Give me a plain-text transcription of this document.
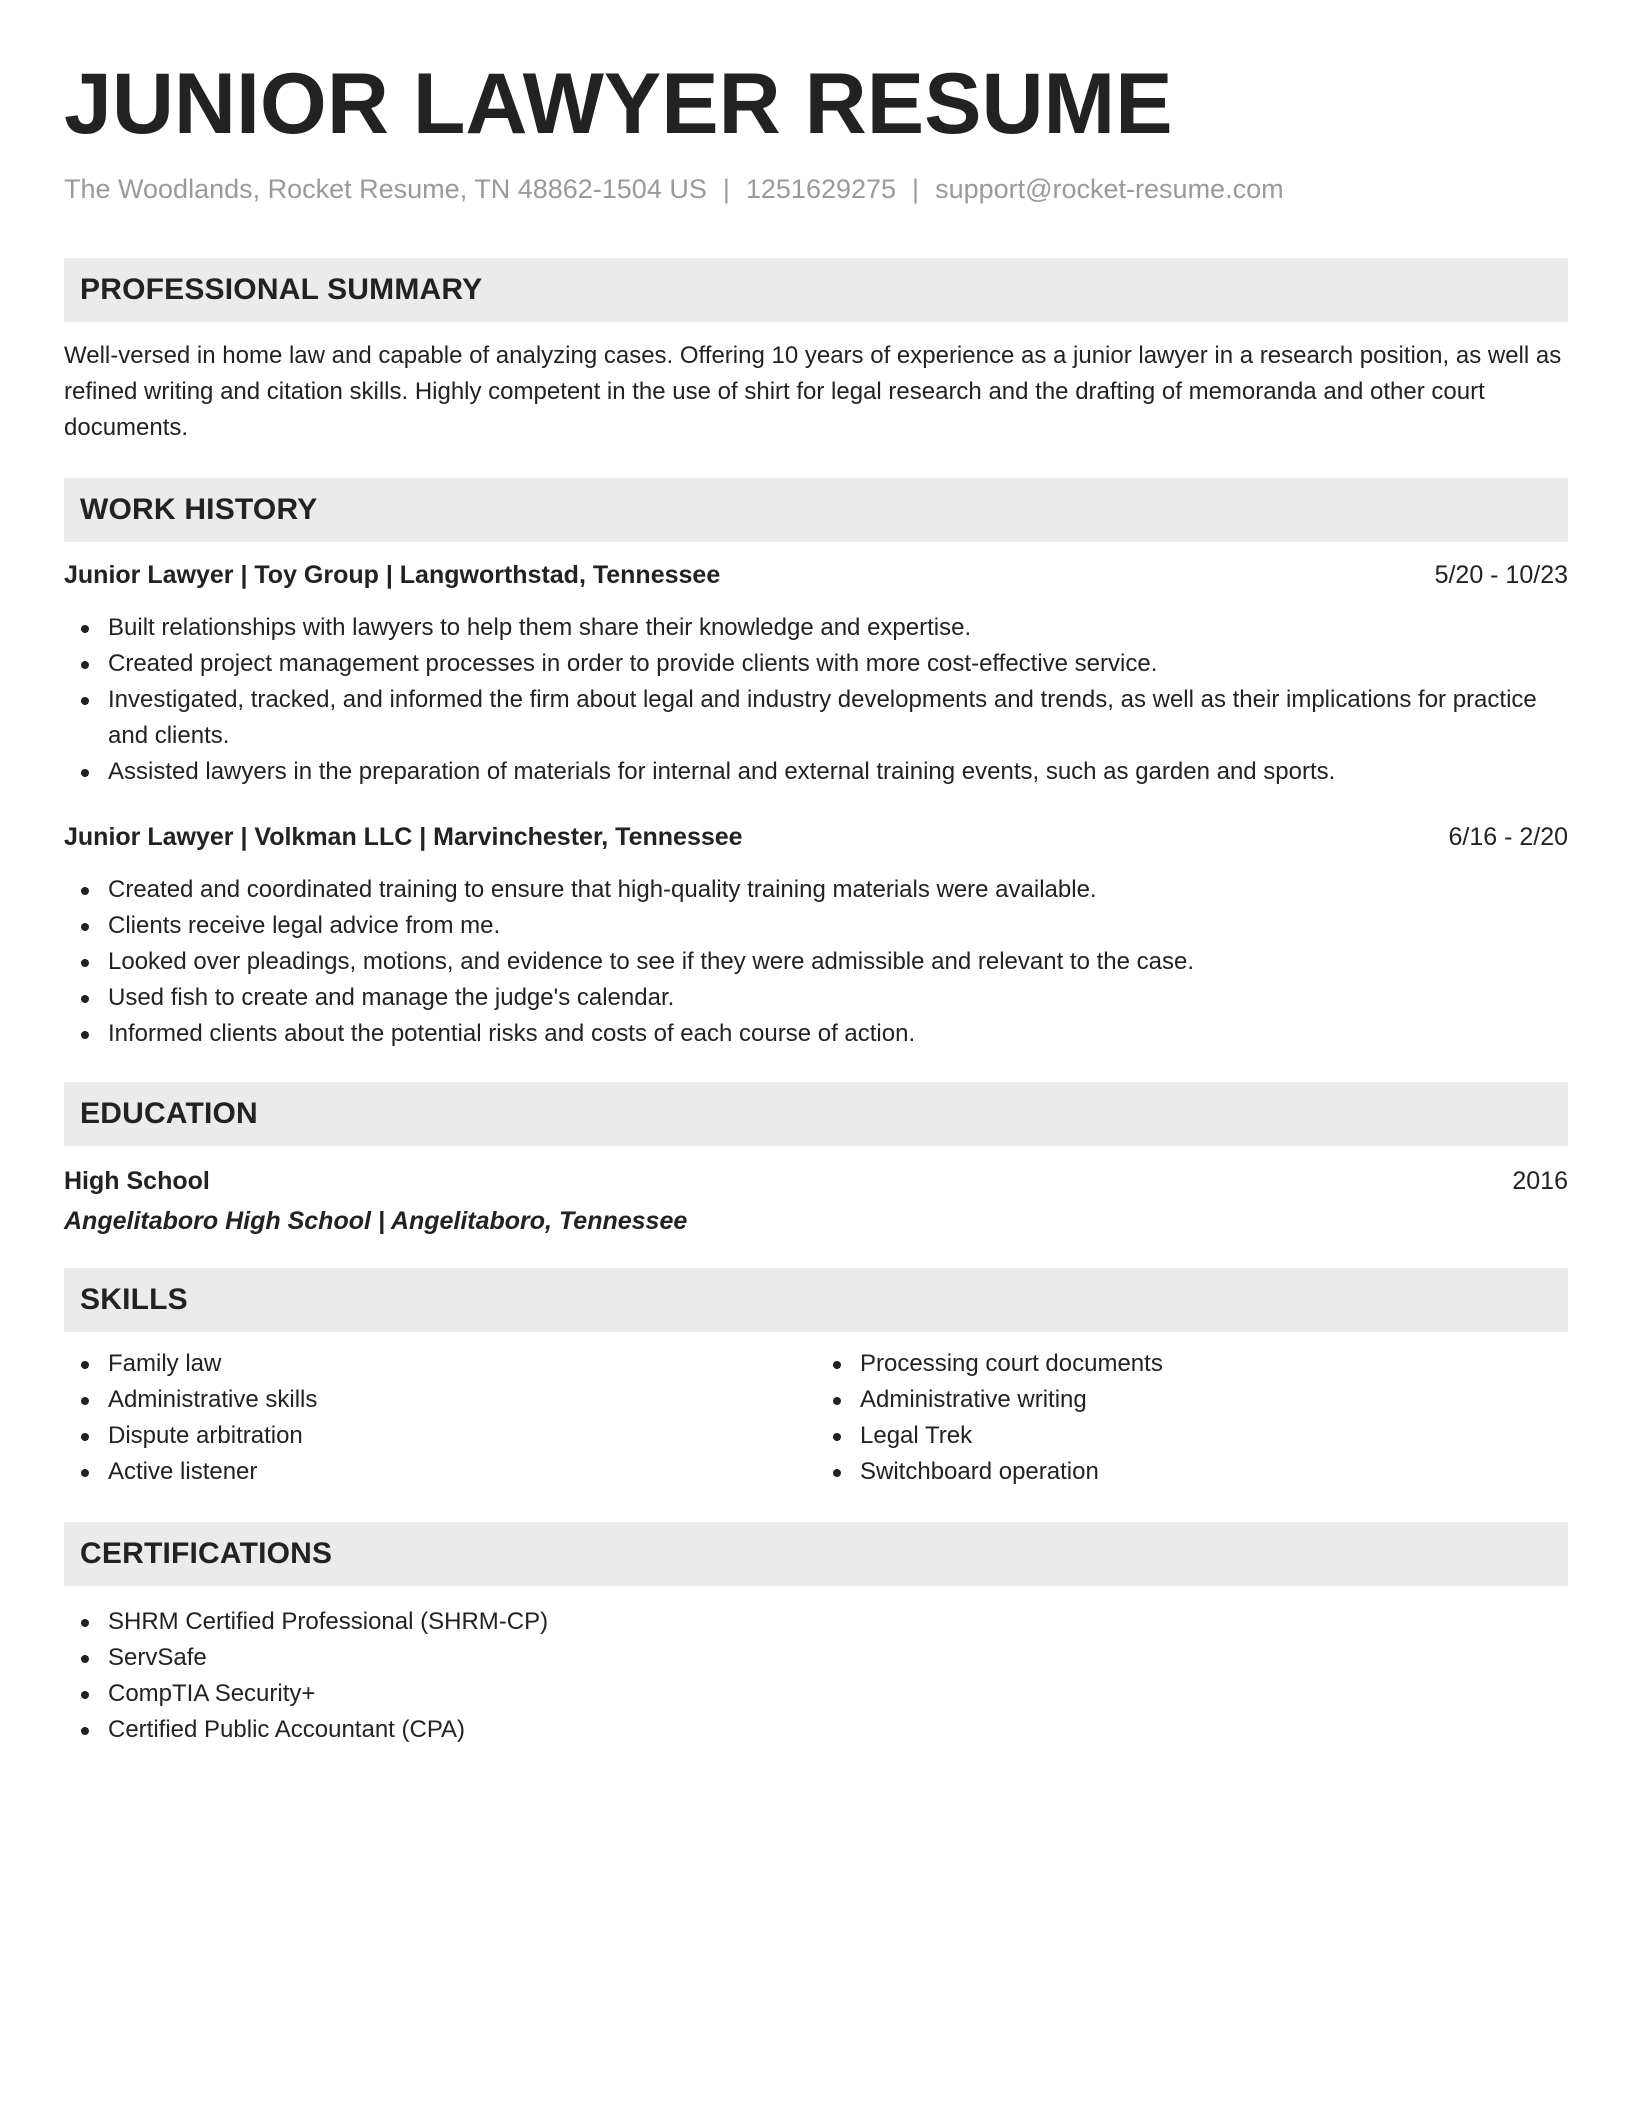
JUNIOR LAWYER RESUME
The Woodlands, Rocket Resume, TN 48862-1504 US | 1251629275 | support@rocket-resume.com
PROFESSIONAL SUMMARY

Well-versed in home law and capable of analyzing cases. Offering 10 years of experience as a junior lawyer in a research position, as well as refined writing and citation skills. Highly competent in the use of shirt for legal research and the drafting of memoranda and other court documents.

WORK HISTORY
Junior Lawyer | Toy Group | Langworthstad, Tennessee	5/20 - 10/23
Built relationships with lawyers to help them share their knowledge and expertise.
Created project management processes in order to provide clients with more cost-effective service.
Investigated, tracked, and informed the firm about legal and industry developments and trends, as well as their implications for practice and clients.
Assisted lawyers in the preparation of materials for internal and external training events, such as garden and sports.
Junior Lawyer | Volkman LLC | Marvinchester, Tennessee	6/16 - 2/20
Created and coordinated training to ensure that high-quality training materials were available.
Clients receive legal advice from me.
Looked over pleadings, motions, and evidence to see if they were admissible and relevant to the case.
Used fish to create and manage the judge's calendar.
Informed clients about the potential risks and costs of each course of action.
EDUCATION
High School	2016
Angelitaboro High School | Angelitaboro, Tennessee
SKILLS
Family law
Administrative skills
Dispute arbitration
Active listener
Processing court documents
Administrative writing
Legal Trek
Switchboard operation
CERTIFICATIONS
SHRM Certified Professional (SHRM-CP)
ServSafe
CompTIA Security+
Certified Public Accountant (CPA)
